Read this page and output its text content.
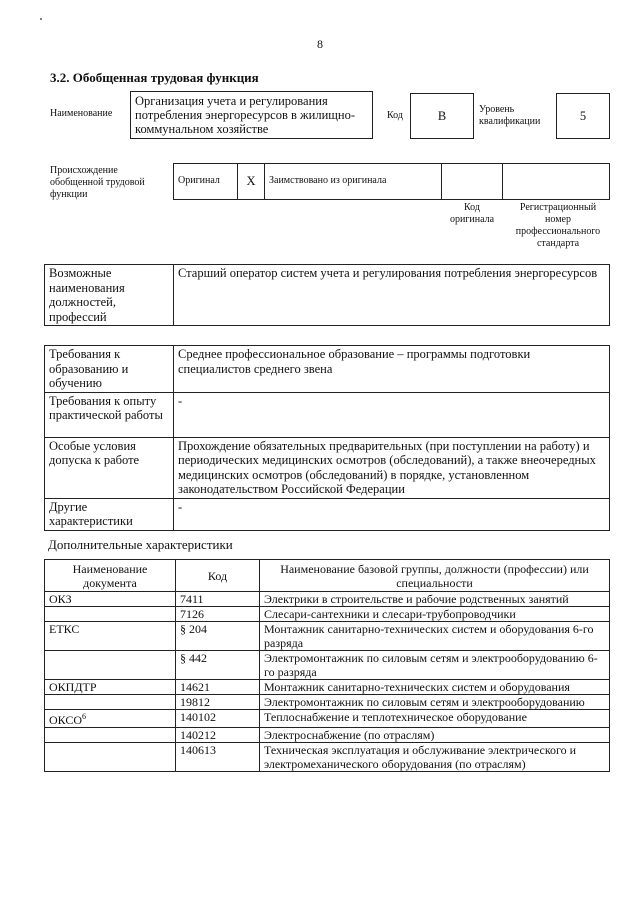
8
3.2. Обобщенная трудовая функция
Наименование
Организация учета и регулирования потребления энергоресурсов в жилищно-коммунальном хозяйстве
Код	B	Уровень квалификации	5
Происхождение обобщенной трудовой функции
Оригинал	X	Заимствовано из оригинала		
Код оригинала
Регистрационный номер профессионального стандарта
Возможные наименования должностей, профессий	Старший оператор систем учета и регулирования потребления энергоресурсов
Требования к образованию и обучению	Среднее профессиональное образование – программы подготовки специалистов среднего звена
Требования к опыту практической работы	-
Особые условия допуска к работе	Прохождение обязательных предварительных (при поступлении на работу) и периодических медицинских осмотров (обследований), а также внеочередных медицинских осмотров (обследований) в порядке, установленном законодательством Российской Федерации
Другие характеристики	-
Дополнительные характеристики
Наименование документа	Код	Наименование базовой группы, должности (профессии) или специальности
ОКЗ	7411	Электрики в строительстве и рабочие родственных занятий
	7126	Слесари-сантехники и слесари-трубопроводчики
ЕТКС	§ 204	Монтажник санитарно-технических систем и оборудования 6-го разряда
	§ 442	Электромонтажник по силовым сетям и электрооборудованию 6-го разряда
ОКПДТР	14621	Монтажник санитарно-технических систем и оборудования
	19812	Электромонтажник по силовым сетям и электрооборудованию
ОКСО$^6$	140102	Теплоснабжение и теплотехническое оборудование
	140212	Электроснабжение (по отраслям)
	140613	Техническая эксплуатация и обслуживание электрического и электромеханического оборудования (по отраслям)
